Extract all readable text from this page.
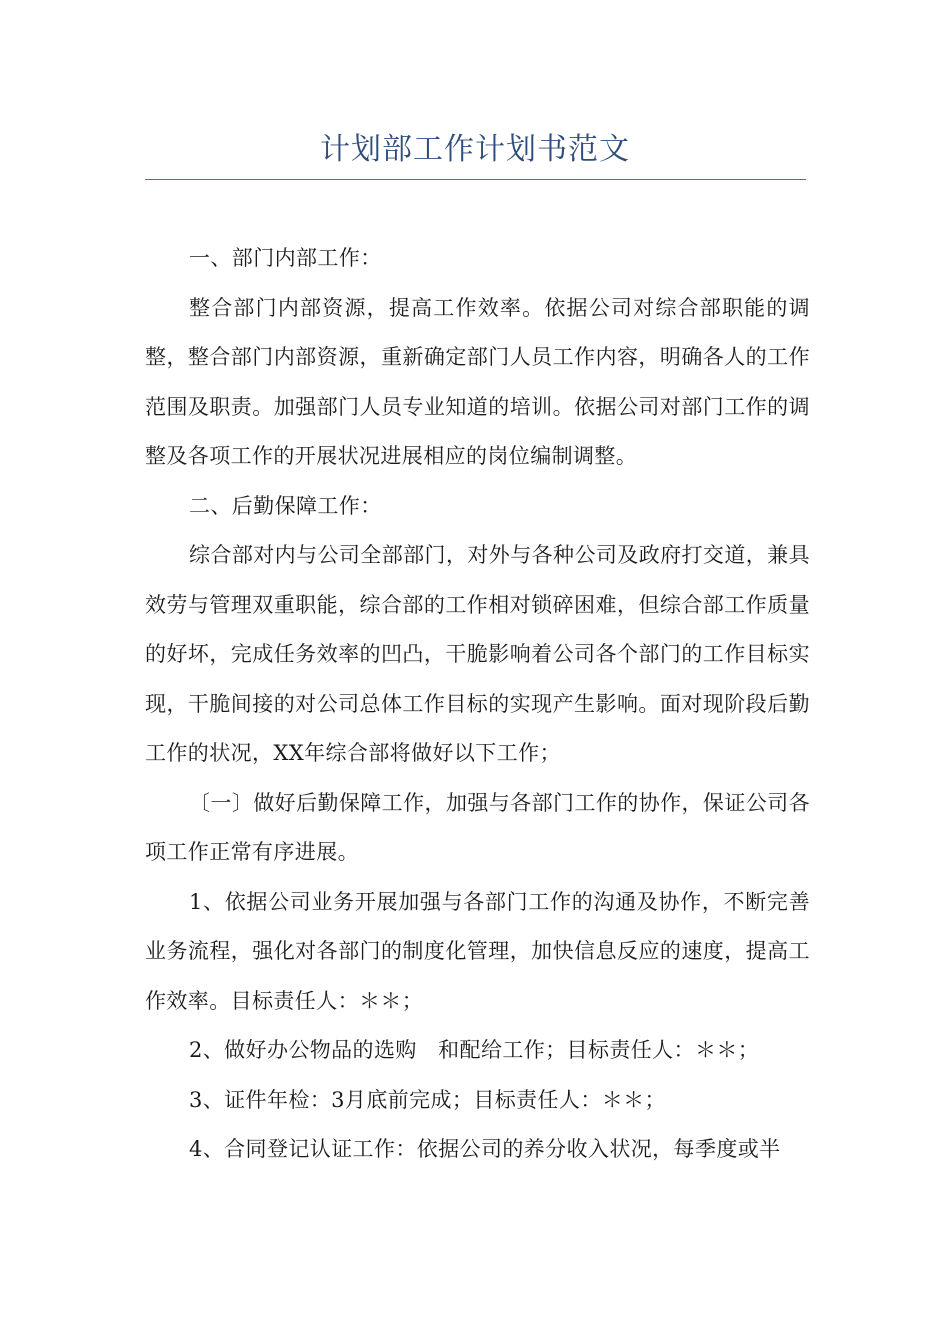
计划部工作计划书范文

一、部门内部工作：

整合部门内部资源，提高工作效率。依据公司对综合部职能的调整，整合部门内部资源，重新确定部门人员工作内容，明确各人的工作范围及职责。加强部门人员专业知道的培训。依据公司对部门工作的调整及各项工作的开展状况进展相应的岗位编制调整。

二、后勤保障工作：

综合部对内与公司全部部门，对外与各种公司及政府打交道，兼具效劳与管理双重职能，综合部的工作相对锁碎困难，但综合部工作质量的好坏，完成任务效率的凹凸，干脆影响着公司各个部门的工作目标实现，干脆间接的对公司总体工作目标的实现产生影响。面对现阶段后勤工作的状况，XX年综合部将做好以下工作；

〔一〕做好后勤保障工作，加强与各部门工作的协作，保证公司各项工作正常有序进展。

1、依据公司业务开展加强与各部门工作的沟通及协作，不断完善业务流程，强化对各部门的制度化管理，加快信息反应的速度，提高工作效率。目标责任人：＊＊；

2、做好办公物品的选购　和配给工作；目标责任人：＊＊；

3、证件年检：3月底前完成；目标责任人：＊＊；

4、合同登记认证工作：依据公司的养分收入状况，每季度或半
